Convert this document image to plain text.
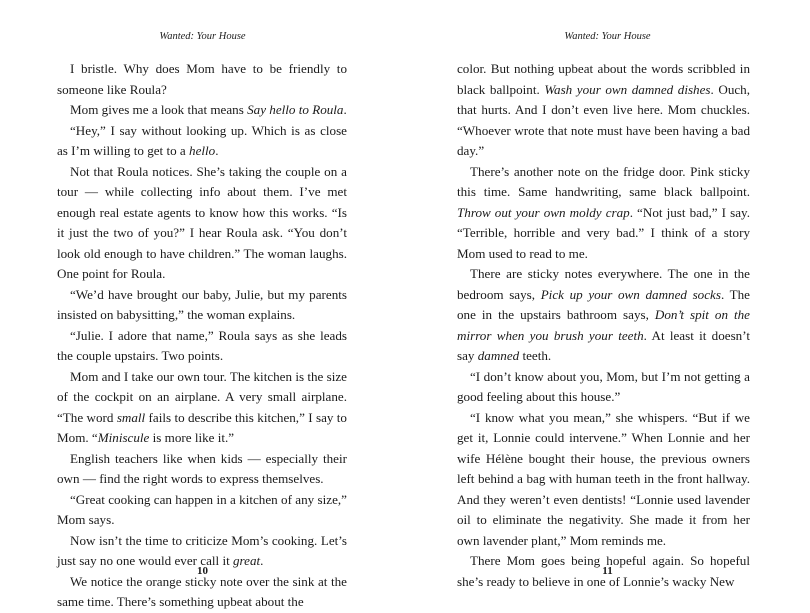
Wanted: Your House

I bristle. Why does Mom have to be friendly to someone like Roula?

Mom gives me a look that means Say hello to Roula.

“Hey,” I say without looking up. Which is as close as I’m willing to get to a hello.

Not that Roula notices. She’s taking the couple on a tour — while collecting info about them. I’ve met enough real estate agents to know how this works. “Is it just the two of you?” I hear Roula ask. “You don’t look old enough to have children.” The woman laughs. One point for Roula.

“We’d have brought our baby, Julie, but my parents insisted on babysitting,” the woman explains.

“Julie. I adore that name,” Roula says as she leads the couple upstairs. Two points.

Mom and I take our own tour. The kitchen is the size of the cockpit on an airplane. A very small airplane. “The word small fails to describe this kitchen,” I say to Mom. “Miniscule is more like it.”

English teachers like when kids — especially their own — find the right words to express themselves.

“Great cooking can happen in a kitchen of any size,” Mom says.

Now isn’t the time to criticize Mom’s cooking. Let’s just say no one would ever call it great.

We notice the orange sticky note over the sink at the same time. There’s something upbeat about the

10
Wanted: Your House

color. But nothing upbeat about the words scribbled in black ballpoint. Wash your own damned dishes. Ouch, that hurts. And I don’t even live here. Mom chuckles. “Whoever wrote that note must have been having a bad day.”

There’s another note on the fridge door. Pink sticky this time. Same handwriting, same black ballpoint. Throw out your own moldy crap. “Not just bad,” I say. “Terrible, horrible and very bad.” I think of a story Mom used to read to me.

There are sticky notes everywhere. The one in the bedroom says, Pick up your own damned socks. The one in the upstairs bathroom says, Don’t spit on the mirror when you brush your teeth. At least it doesn’t say damned teeth.

“I don’t know about you, Mom, but I’m not getting a good feeling about this house.”

“I know what you mean,” she whispers. “But if we get it, Lonnie could intervene.” When Lonnie and her wife Hélène bought their house, the previous owners left behind a bag with human teeth in the front hallway. And they weren’t even dentists! “Lonnie used lavender oil to eliminate the negativity. She made it from her own lavender plant,” Mom reminds me.

There Mom goes being hopeful again. So hopeful she’s ready to believe in one of Lonnie’s wacky New

11
